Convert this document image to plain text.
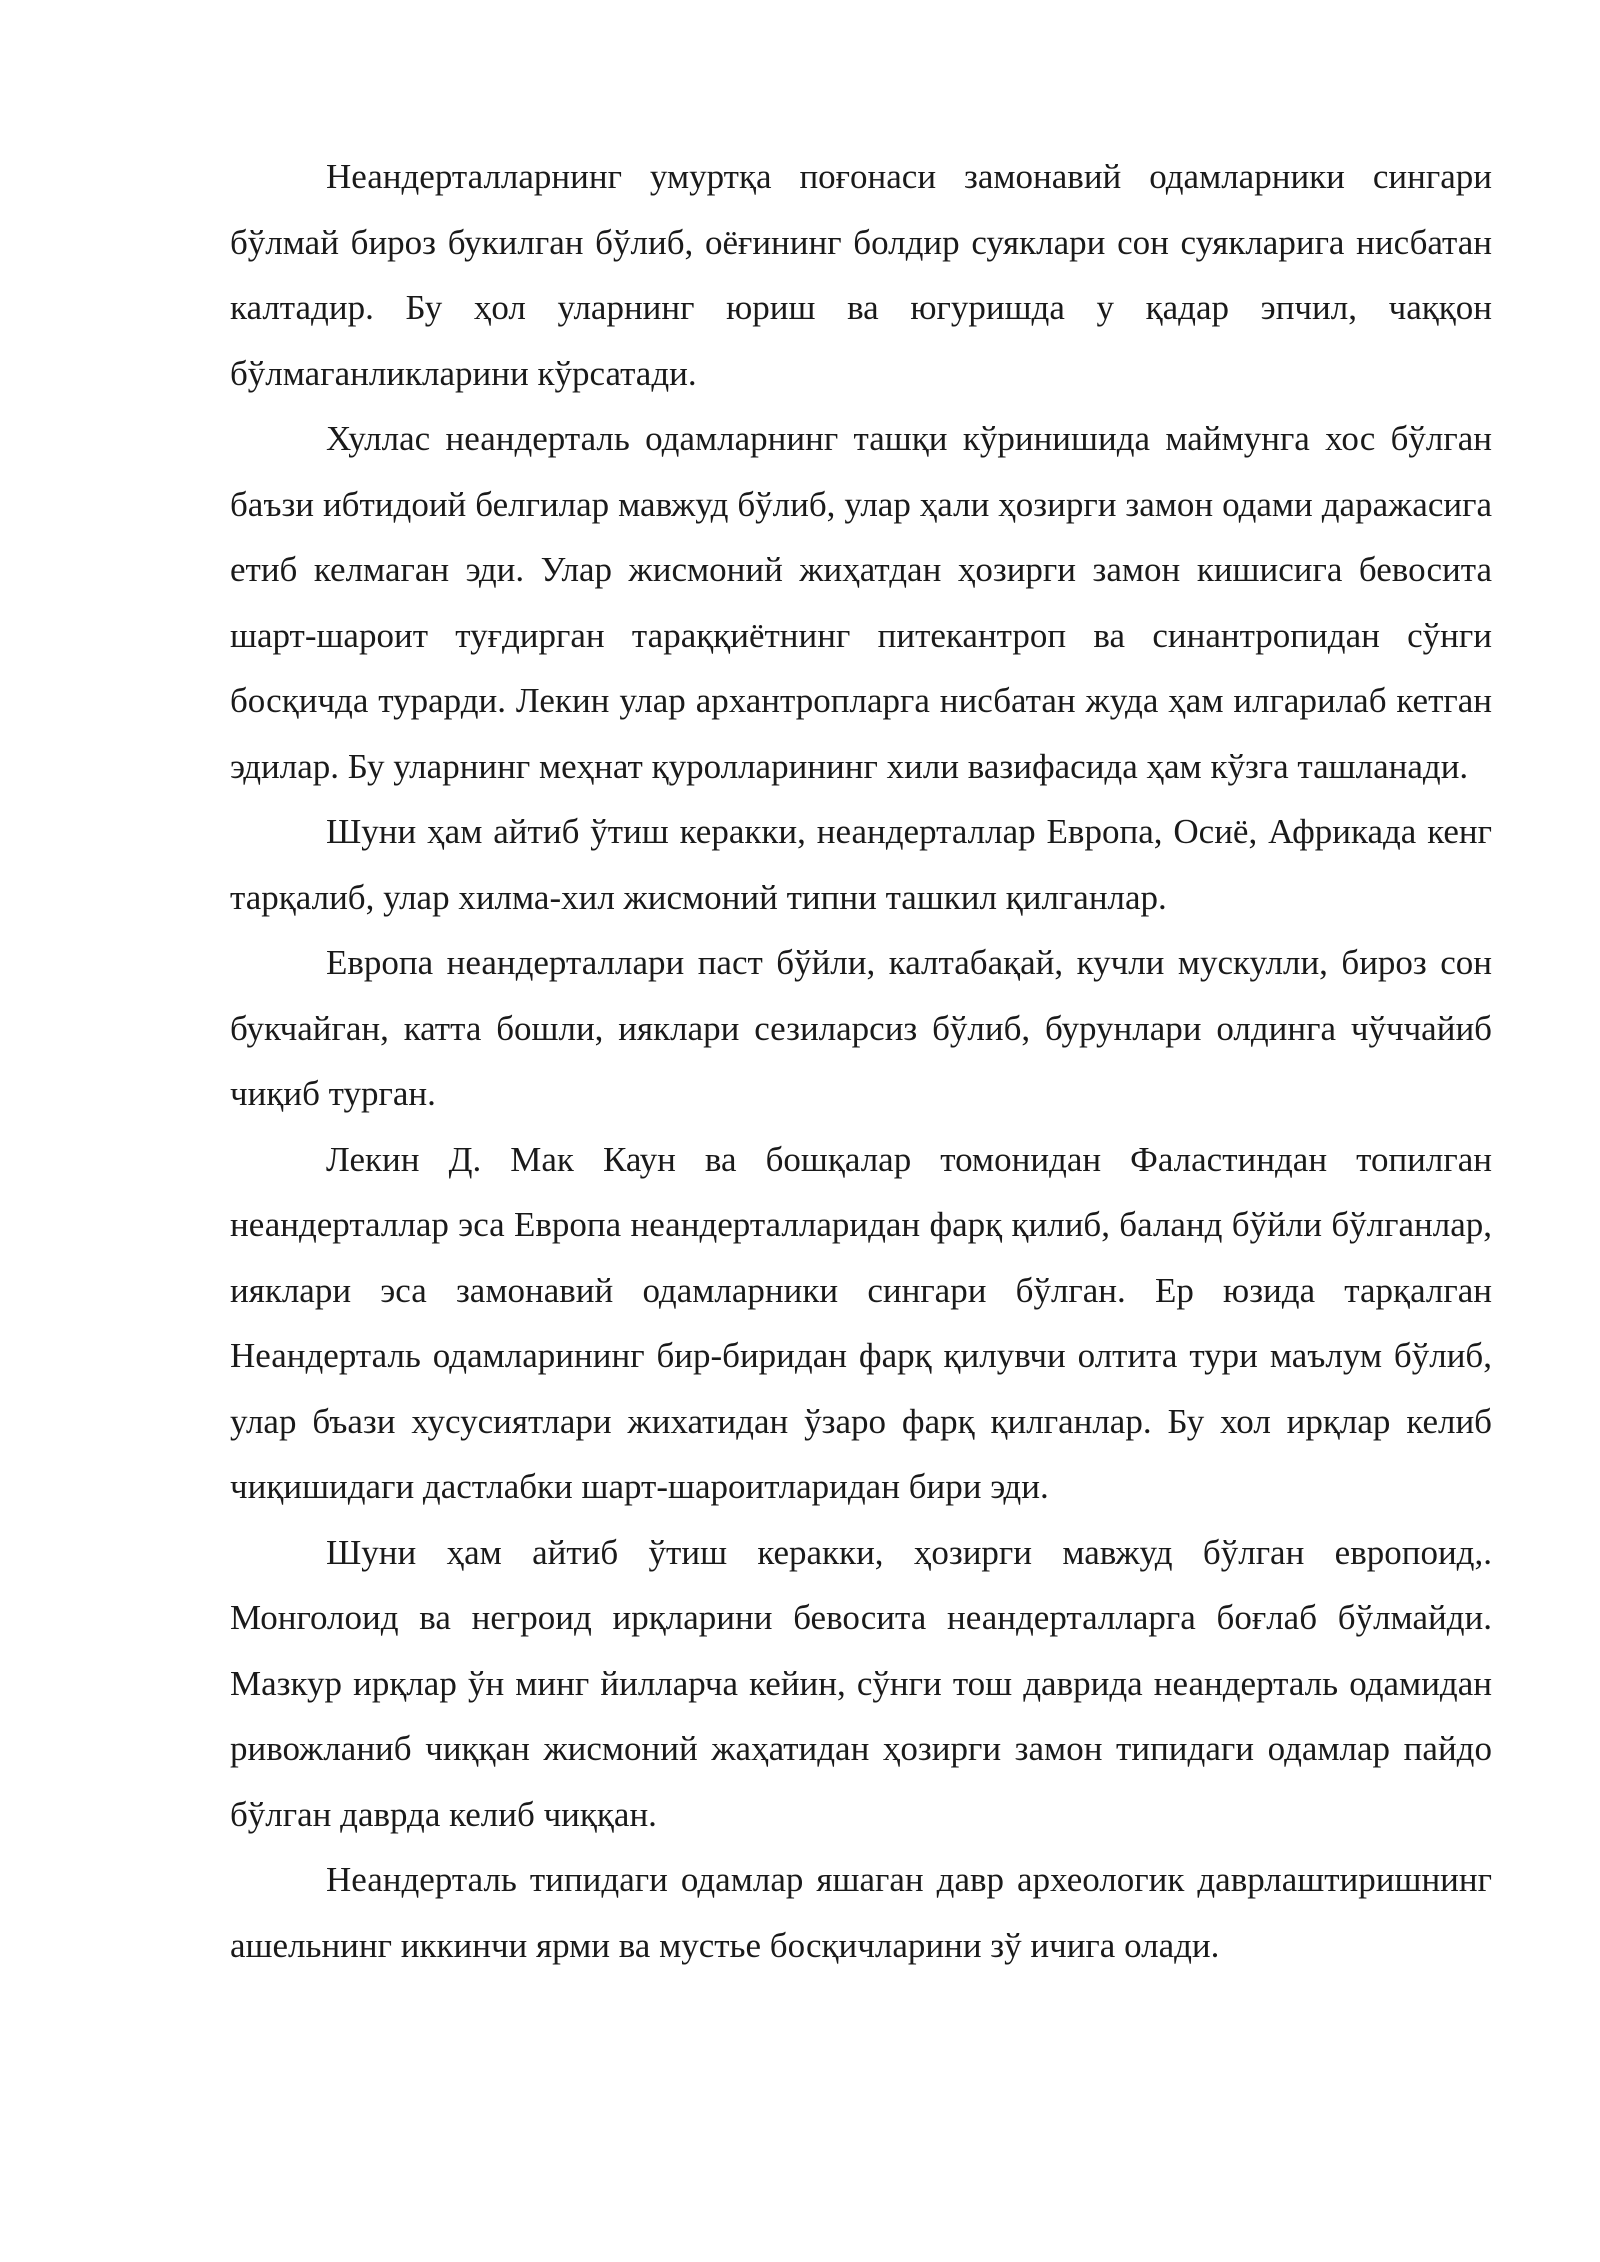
Неандерталларнинг умуртқа поғонаси замонавий одамларники сингари бўлмай бироз букилган бўлиб, оёғининг болдир суяклари сон суякларига нисбатан калтадир. Бу ҳол уларнинг юриш ва югуришда у қадар эпчил, чаққон бўлмаганликларини кўрсатади.

Хуллас неандерталь одамларнинг ташқи кўринишида маймунга хос бўлган баъзи ибтидоий белгилар мавжуд бўлиб, улар ҳали ҳозирги замон одами даражасига етиб келмаган эди. Улар жисмоний жиҳатдан ҳозирги замон кишисига бевосита шарт-шароит туғдирган тараққиётнинг питекантроп ва синантропидан сўнги босқичда турарди. Лекин улар архантропларга нисбатан жуда ҳам илгарилаб кетган эдилар. Бу уларнинг меҳнат қуролларининг хили вазифасида ҳам кўзга ташланади.

Шуни ҳам айтиб ўтиш керакки, неандерталлар Европа, Осиё, Африкада кенг тарқалиб, улар хилма-хил жисмоний типни ташкил қилганлар.

Европа неандерталлари паст бўйли, калтабақай, кучли мускулли, бироз сон букчайган, катта бошли, ияклари сезиларсиз бўлиб, бурунлари олдинга чўччайиб чиқиб турган.

Лекин Д. Мак Каун ва бошқалар томонидан Фаластиндан топилган неандерталлар эса Европа неандерталларидан фарқ қилиб, баланд бўйли бўлганлар, ияклари эса замонавий одамларники сингари бўлган. Ер юзида тарқалган Неандерталь одамларининг бир-биридан фарқ қилувчи олтита тури маълум бўлиб, улар бъази хусусиятлари жихатидан ўзаро фарқ қилганлар. Бу хол ирқлар келиб чиқишидаги дастлабки шарт-шароитларидан бири эди.

Шуни ҳам айтиб ўтиш керакки, ҳозирги мавжуд бўлган европоид,. Монголоид ва негроид ирқларини бевосита неандерталларга боғлаб бўлмайди. Мазкур ирқлар ўн минг йилларча кейин, сўнги тош даврида неандерталь одамидан ривожланиб чиққан жисмоний жаҳатидан ҳозирги замон типидаги одамлар пайдо бўлган даврда келиб чиққан.

Неандерталь типидаги одамлар яшаган давр археологик даврлаштиришнинг ашельнинг иккинчи ярми ва мустье босқичларини зў ичига олади.
